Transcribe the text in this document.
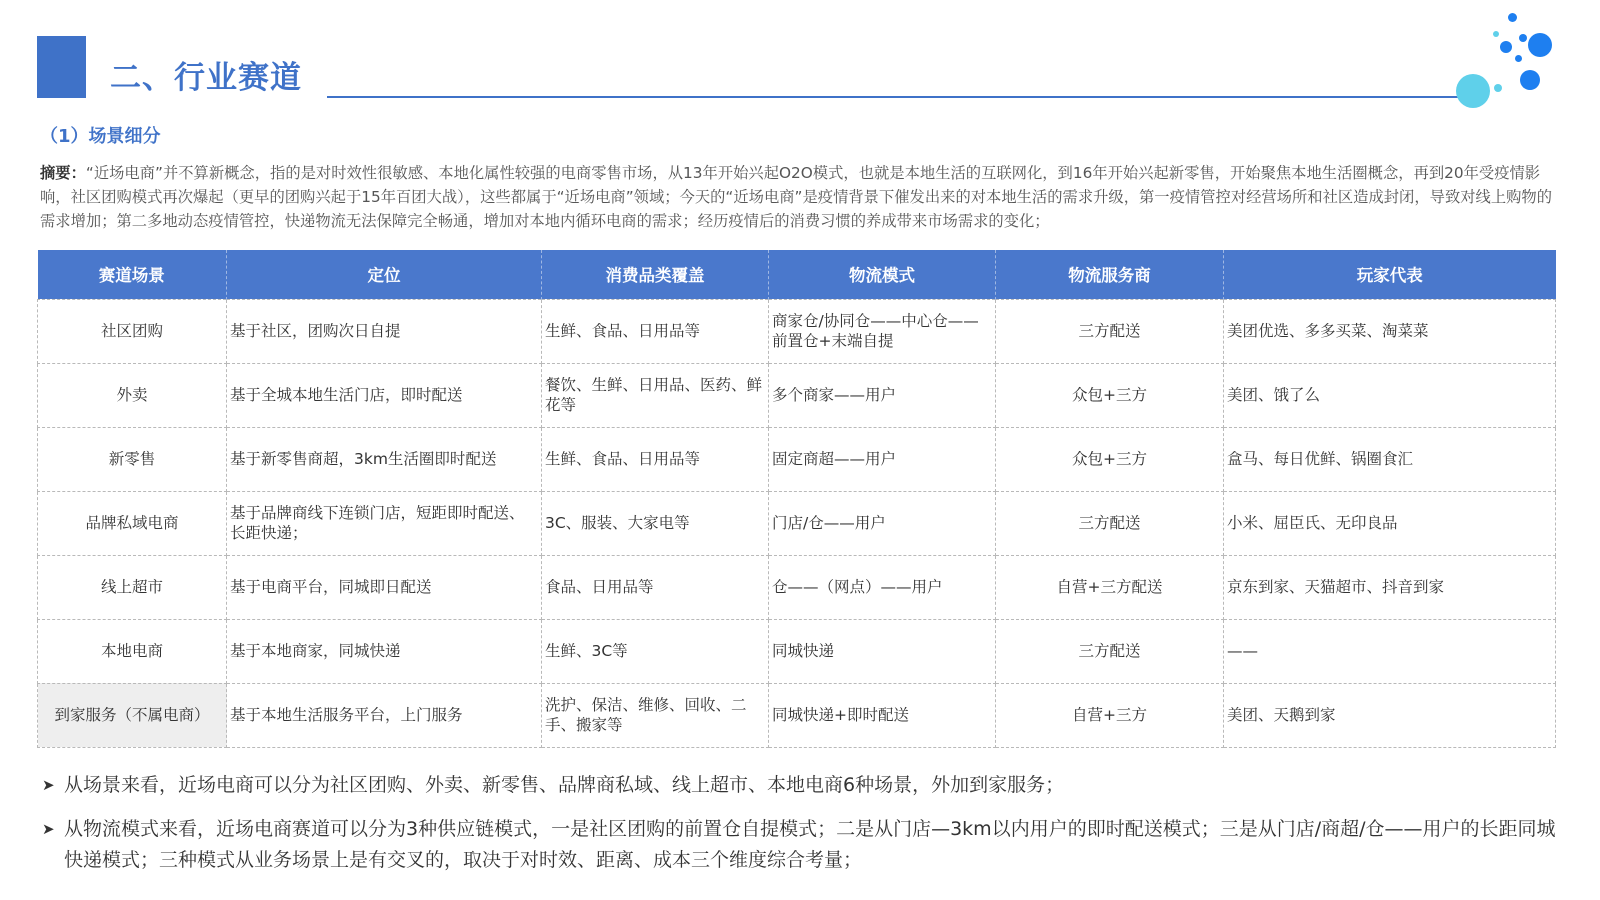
二、行业赛道
（1）场景细分
摘要：“近场电商”并不算新概念，指的是对时效性很敏感、本地化属性较强的电商零售市场，从13年开始兴起O2O模式，也就是本地生活的互联网化，到16年开始兴起新零售，开始聚焦本地生活圈概念，再到20年受疫情影响，社区团购模式再次爆起（更早的团购兴起于15年百团大战），这些都属于“近场电商”领域；今天的“近场电商”是疫情背景下催发出来的对本地生活的需求升级，第一疫情管控对经营场所和社区造成封闭，导致对线上购物的需求增加；第二多地动态疫情管控，快递物流无法保障完全畅通，增加对本地内循环电商的需求；经历疫情后的消费习惯的养成带来市场需求的变化；
赛道场景	定位	消费品类覆盖	物流模式	物流服务商	玩家代表
社区团购	基于社区，团购次日自提	生鲜、食品、日用品等	商家仓/协同仓——中心仓——前置仓+末端自提	三方配送	美团优选、多多买菜、淘菜菜
外卖	基于全城本地生活门店，即时配送	餐饮、生鲜、日用品、医药、鲜花等	多个商家——用户	众包+三方	美团、饿了么
新零售	基于新零售商超，3km生活圈即时配送	生鲜、食品、日用品等	固定商超——用户	众包+三方	盒马、每日优鲜、锅圈食汇
品牌私域电商	基于品牌商线下连锁门店，短距即时配送、长距快递；	3C、服装、大家电等	门店/仓——用户	三方配送	小米、屈臣氏、无印良品
线上超市	基于电商平台，同城即日配送	食品、日用品等	仓——（网点）——用户	自营+三方配送	京东到家、天猫超市、抖音到家
本地电商	基于本地商家，同城快递	生鲜、3C等	同城快递	三方配送	——
到家服务（不属电商）	基于本地生活服务平台，上门服务	洗护、保洁、维修、回收、二手、搬家等	同城快递+即时配送	自营+三方	美团、天鹅到家
➤ 从场景来看，近场电商可以分为社区团购、外卖、新零售、品牌商私域、线上超市、本地电商6种场景，外加到家服务；
➤ 从物流模式来看，近场电商赛道可以分为3种供应链模式，一是社区团购的前置仓自提模式；二是从门店—3km以内用户的即时配送模式；三是从门店/商超/仓——用户的长距同城快递模式；三种模式从业务场景上是有交叉的，取决于对时效、距离、成本三个维度综合考量；
